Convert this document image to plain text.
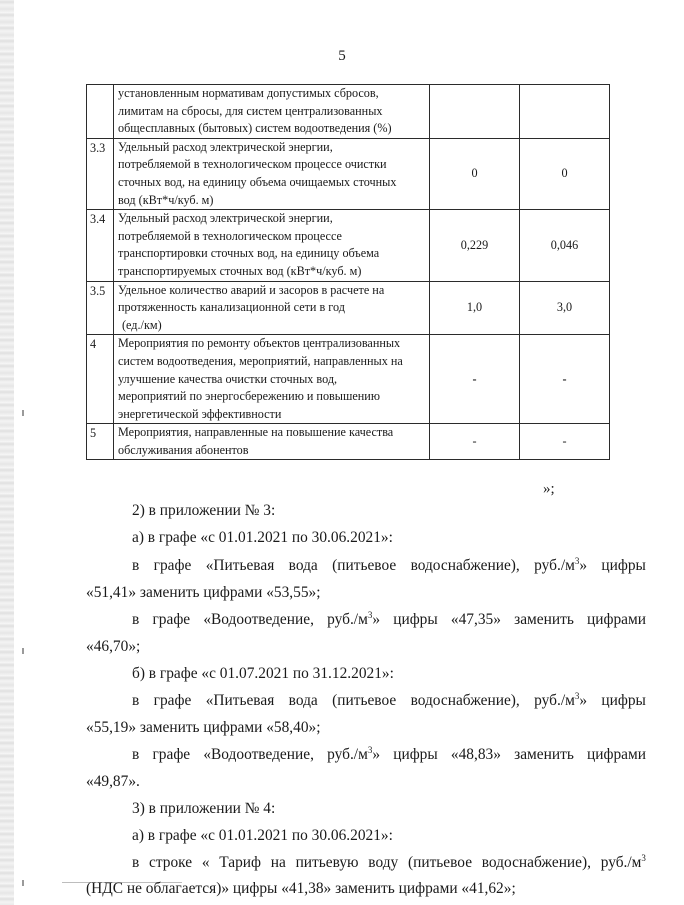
5

	установленным нормативам допустимых сбросов,
лимитам на сбросы, для систем централизованных
общесплавных (бытовых) систем водоотведения (%)		

3.3	Удельный расход электрической энергии,
потребляемой в технологическом процессе очистки
сточных вод, на единицу объема очищаемых сточных
вод (кВт*ч/куб. м)	0	0
3.4	Удельный расход электрической энергии,
потребляемой в технологическом процессе
транспортировки сточных вод, на единицу объема
транспортируемых сточных вод (кВт*ч/куб. м)	0,229	0,046
3.5	Удельное количество аварий и засоров в расчете на
протяженность канализационной сети в год
(ед./км)	1,0	3,0
4	Мероприятия по ремонту объектов централизованных
систем водоотведения, мероприятий, направленных на
улучшение качества очистки сточных вод,
мероприятий по энергосбережению и повышению
энергетической эффективности	-	-
5	Мероприятия, направленные на повышение качества
обслуживания абонентов	-	-
»;
2) в приложении № 3:
а) в графе «с 01.01.2021 по 30.06.2021»:
в графе «Питьевая вода (питьевое водоснабжение), $руб./м^3$» цифры
«51,41» заменить цифрами «53,55»;
в графе «Водоотведение, $руб./м^3$» цифры «47,35» заменить цифрами
«46,70»;
б) в графе «с 01.07.2021 по 31.12.2021»:
в графе «Питьевая вода (питьевое водоснабжение), $руб./м^3$» цифры
«55,19» заменить цифрами «58,40»;
в графе «Водоотведение, $руб./м^3$» цифры «48,83» заменить цифрами
«49,87».
3) в приложении № 4:
а) в графе «с 01.01.2021 по 30.06.2021»:
в строке « Тариф на питьевую воду (питьевое водоснабжение), $руб./м^3$
(НДС не облагается)» цифры «41,38» заменить цифрами «41,62»;
